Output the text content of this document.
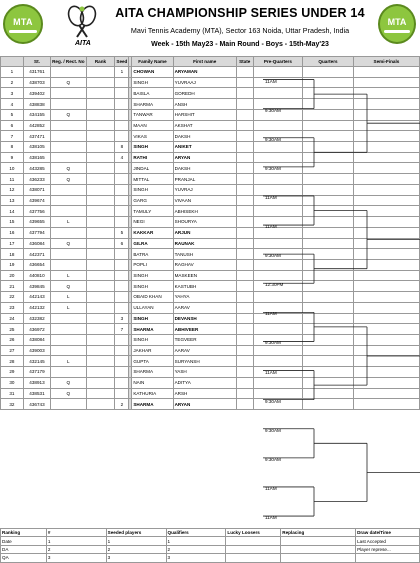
MTA
AITA
AITA CHAMPIONSHIP SERIES UNDER 14
Mavi Tennis Academy (MTA), Sector 163 Noida, Uttar Pradesh, India
Week - 15th May23 - Main Round - Boys - 15th-May'23
MTA
	St.	Reg. / Rect. No	Rank	Seed		Family Name	First name	State	Pre-Quarters	Quarters	Semi-Finals
1	431761			1		CHOWAN	ARYAMAN				
2	438703	Q				SINGH	YUVRAAJ				
3	439402					BAISLA	GOREDH				
4	438838					SHARMA	ANSH				
5	434155	Q				TANWAR	HARSHIT				
6	442852					MAAN	AKSHAT				
7	437471					VIKAS	DAKSH				
8	438105			8		SINGH	ANIKET				
9	438165			4		RATHI	ARYAN				
10	443285	Q				JINDAL	DAKSH				
11	436233	Q				MITTAL	PRANJAL				
12	438071					SINGH	YUVRAJ				
13	439674					GARG	VIVAAN				
14	437756					TAMULY	ABHISEKH				
15	439655	L				NEGI	SHOURYA				
16	437794			5		KAKKAR	ARJUN				
17	436084	Q		6		GILRA	RAUNAK				
18	442371					BATRA	TANUSH				
19	436654					POPLI	RAGHAV				
20	440810	L				SINGH	MASKEEN				
21	439845	Q				SINGH	KASTUBH				
22	442143	L				OBAID KHAN	YAHYA				
23	442132	L				ULLAYAN	AARAV				
24	432382			3		SINGH	DEVANSH				
25	436972			7		SHARMA	ABHIVEER				
26	438084					SINGH	TEGVEER				
27	439003					JAKHAR	AARAV				
28	432145	L				GUPTA	SURYANSH				
29	437179					SHARMA	YASH				
30	438913	Q				NAIN	ADITYA				
31	438531	Q				KATHURIA	ARSH				
32	436743			2		SHARMA	ARYAN				
11AM
9:30AM
9:30AM
9:30AM
11AM
11AM
9:30AM
12:30PM
11AM
9:30AM
11AM
9:30AM
9:30AM
9:30AM
11AM
11AM
Ranking	#	Seeded players	Qualifiers	Lucky Loosers	Replacing	Draw date/Time
Date	1	1	1			Last Accepted
DA	2	2	2			Player represe...
QA	3	3	3			
